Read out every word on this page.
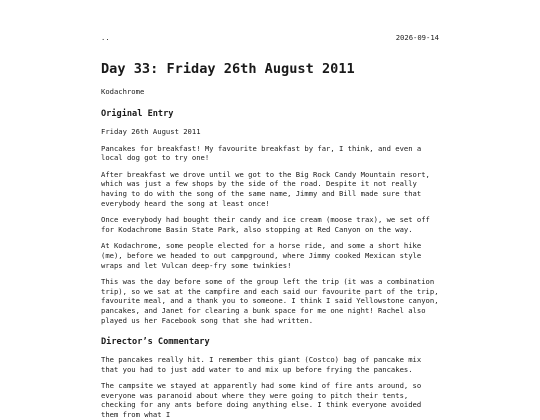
..	2026-09-14
Day 33: Friday 26th August 2011
Kodachrome
Original Entry

Friday 26th August 2011

Pancakes for breakfast! My favourite breakfast by far, I think, and even a local dog got to try one!

After breakfast we drove until we got to the Big Rock Candy Mountain resort, which was just a few shops by the side of the road. Despite it not really having to do with the song of the same name, Jimmy and Bill made sure that everybody heard the song at least once!

Once everybody had bought their candy and ice cream (moose trax), we set off for Kodachrome Basin State Park, also stopping at Red Canyon on the way.

At Kodachrome, some people elected for a horse ride, and some a short hike (me), before we headed to out campground, where Jimmy cooked Mexican style wraps and let Vulcan deep-fry some twinkies!

This was the day before some of the group left the trip (it was a combination trip), so we sat at the campfire and each said our favourite part of the trip, favourite meal, and a thank you to someone. I think I said Yellowstone canyon, pancakes, and Janet for clearing a bunk space for me one night! Rachel also played us her Facebook song that she had written.

Director’s Commentary

The pancakes really hit. I remember this giant (Costco) bag of pancake mix that you had to just add water to and mix up before frying the pancakes.

The campsite we stayed at apparently had some kind of fire ants around, so everyone was paranoid about where they were going to pitch their tents, checking for any ants before doing anything else. I think everyone avoided them from what I
